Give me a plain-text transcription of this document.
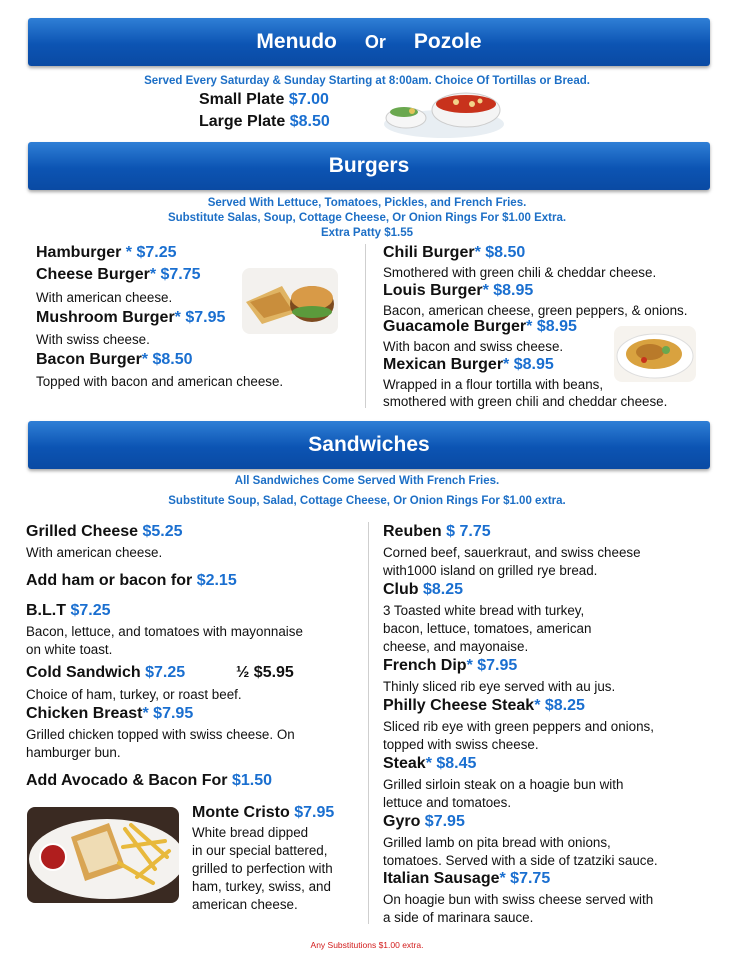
Menudo Or Pozole
Served Every Saturday & Sunday Starting at 8:00am. Choice Of Tortillas or Bread.
Small Plate $7.00
Large Plate $8.50
Burgers
Served With Lettuce, Tomatoes, Pickles, and French Fries.
Substitute Salas, Soup, Cottage Cheese, Or Onion Rings For $1.00 Extra.
Extra Patty $1.55
Hamburger * $7.25
Cheese Burger* $7.75
With american cheese.
Mushroom Burger* $7.95
With swiss cheese.
Bacon Burger* $8.50
Topped with bacon and american cheese.
Chili Burger* $8.50
Smothered with green chili & cheddar cheese.
Louis Burger* $8.95
Bacon, american cheese, green peppers, & onions.
Guacamole Burger* $8.95
With bacon and swiss cheese.
Mexican Burger* $8.95
Wrapped in a flour tortilla with beans,
smothered with green chili and cheddar cheese.
Sandwiches
All Sandwiches Come Served With French Fries.
Substitute Soup, Salad, Cottage Cheese, Or Onion Rings For $1.00 extra.
Grilled Cheese $5.25
With american cheese.
Add ham or bacon for $2.15
B.L.T $7.25
Bacon, lettuce, and tomatoes with mayonnaise
on white toast.
Cold Sandwich $7.25	½ $5.95
Choice of ham, turkey, or roast beef.
Chicken Breast* $7.95
Grilled chicken topped with swiss cheese. On
hamburger bun.
Add Avocado & Bacon For $1.50
Monte Cristo $7.95
White bread dipped
in our special battered,
grilled to perfection with
ham, turkey, swiss, and
american cheese.
Reuben $ 7.75
Corned beef, sauerkraut, and swiss cheese
with1000 island on grilled rye bread.
Club $8.25
3 Toasted white bread with turkey,
bacon, lettuce, tomatoes, american
cheese, and mayonaise.
French Dip* $7.95
Thinly sliced rib eye served with au jus.
Philly Cheese Steak* $8.25
Sliced rib eye with green peppers and onions,
topped with swiss cheese.
Steak* $8.45
Grilled sirloin steak on a hoagie bun with
lettuce and tomatoes.
Gyro $7.95
Grilled lamb on pita bread with onions,
tomatoes. Served with a side of tzatziki sauce.
Italian Sausage* $7.75
On hoagie bun with swiss cheese served with
a side of marinara sauce.
Any Substitutions $1.00 extra.
